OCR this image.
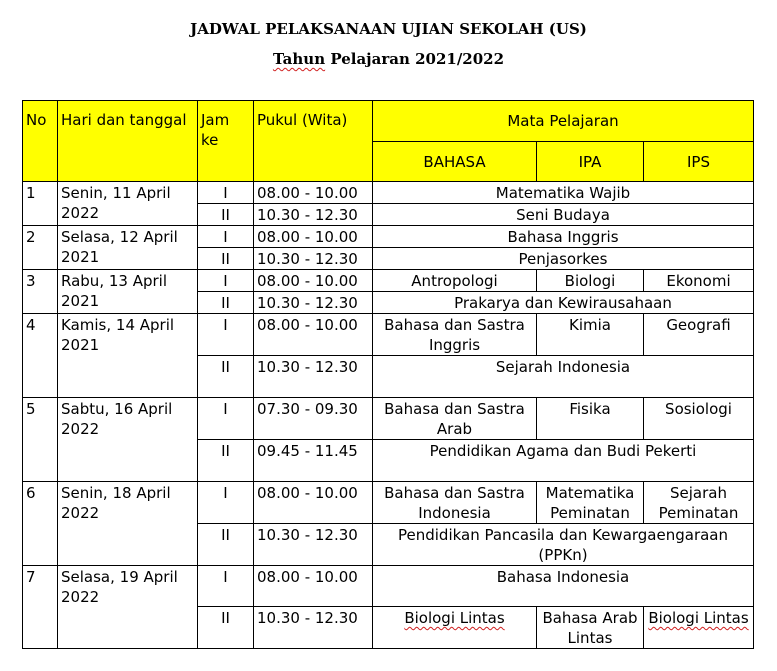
JADWAL PELAKSANAAN UJIAN SEKOLAH (US)
Tahun Pelajaran 2021/2022
No	Hari dan tanggal	Jam ke	Pukul (Wita)	Mata Pelajaran		
				BAHASA	IPA	IPS
1	Senin, 11 April 2022	I	08.00 - 10.00	Matematika Wajib		
		II	10.30 - 12.30	Seni Budaya		
2	Selasa, 12 April 2021	I	08.00 - 10.00	Bahasa Inggris		
		II	10.30 - 12.30	Penjasorkes		
3	Rabu, 13 April 2021	I	08.00 - 10.00	Antropologi	Biologi	Ekonomi
		II	10.30 - 12.30	Prakarya dan Kewirausahaan		
4	Kamis, 14 April 2021	I	08.00 - 10.00	Bahasa dan Sastra Inggris	Kimia	Geografi
		II	10.30 - 12.30	Sejarah Indonesia		
5	Sabtu, 16 April 2022	I	07.30 - 09.30	Bahasa dan Sastra Arab	Fisika	Sosiologi
		II	09.45 - 11.45	Pendidikan Agama dan Budi Pekerti		
6	Senin, 18 April 2022	I	08.00 - 10.00	Bahasa dan Sastra Indonesia	Matematika Peminatan	Sejarah Peminatan
		II	10.30 - 12.30	Pendidikan Pancasila dan Kewargaengaraan (PPKn)		
7	Selasa, 19 April 2022	I	08.00 - 10.00	Bahasa Indonesia		
		II	10.30 - 12.30	Biologi Lintas	Bahasa Arab Lintas	Biologi Lintas
